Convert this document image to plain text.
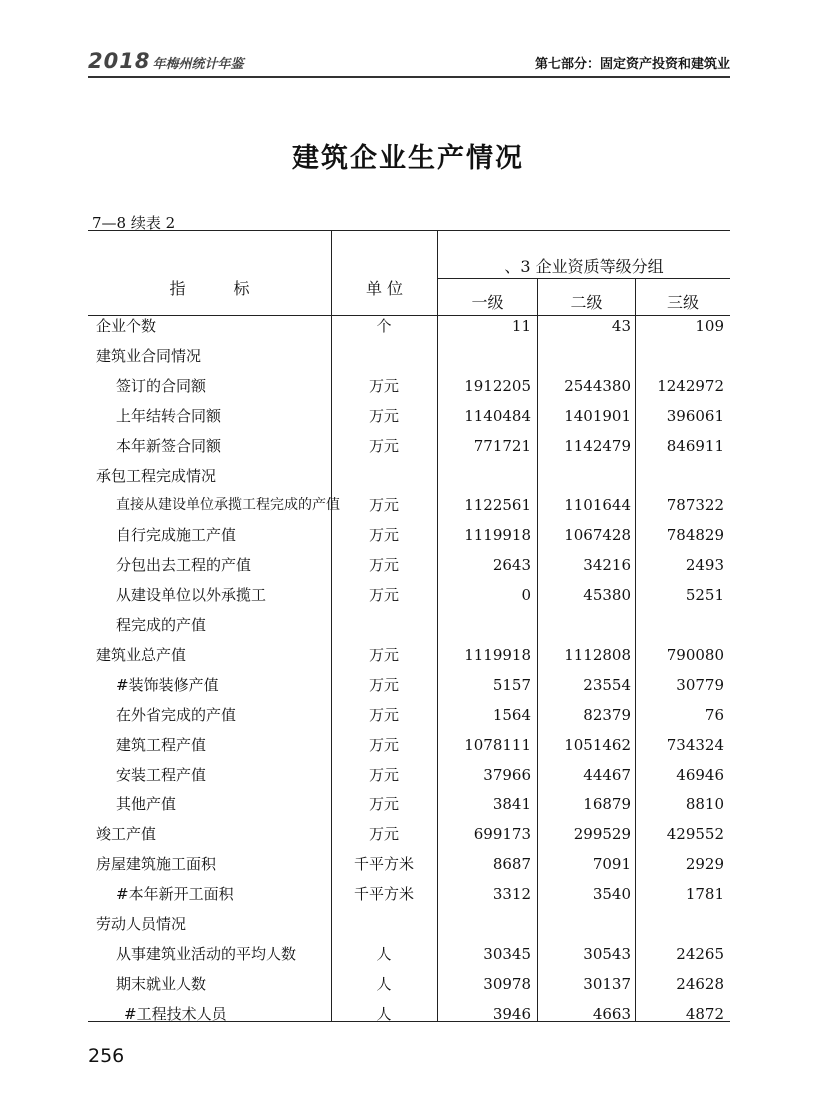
2018 年梅州统计年鉴	第七部分：固定资产投资和建筑业
建筑企业生产情况
7—8 续表 2
指　　　标	单 位
、3 企业资质等级分组
一级	二级	三级
企业个数	个	11	43	109
建筑业合同情况
签订的合同额	万元	1912205	2544380	1242972
上年结转合同额	万元	1140484	1401901	396061
本年新签合同额	万元	771721	1142479	846911
承包工程完成情况
直接从建设单位承揽工程完成的产值	万元	1122561	1101644	787322
自行完成施工产值	万元	1119918	1067428	784829
分包出去工程的产值	万元	2643	34216	2493
从建设单位以外承揽工	万元	0	45380	5251
程完成的产值
建筑业总产值	万元	1119918	1112808	790080
#装饰装修产值	万元	5157	23554	30779
在外省完成的产值	万元	1564	82379	76
建筑工程产值	万元	1078111	1051462	734324
安装工程产值	万元	37966	44467	46946
其他产值	万元	3841	16879	8810
竣工产值	万元	699173	299529	429552
房屋建筑施工面积	千平方米	8687	7091	2929
#本年新开工面积	千平方米	3312	3540	1781
劳动人员情况
从事建筑业活动的平均人数	人	30345	30543	24265
期末就业人数	人	30978	30137	24628
#工程技术人员	人	3946	4663	4872
256
